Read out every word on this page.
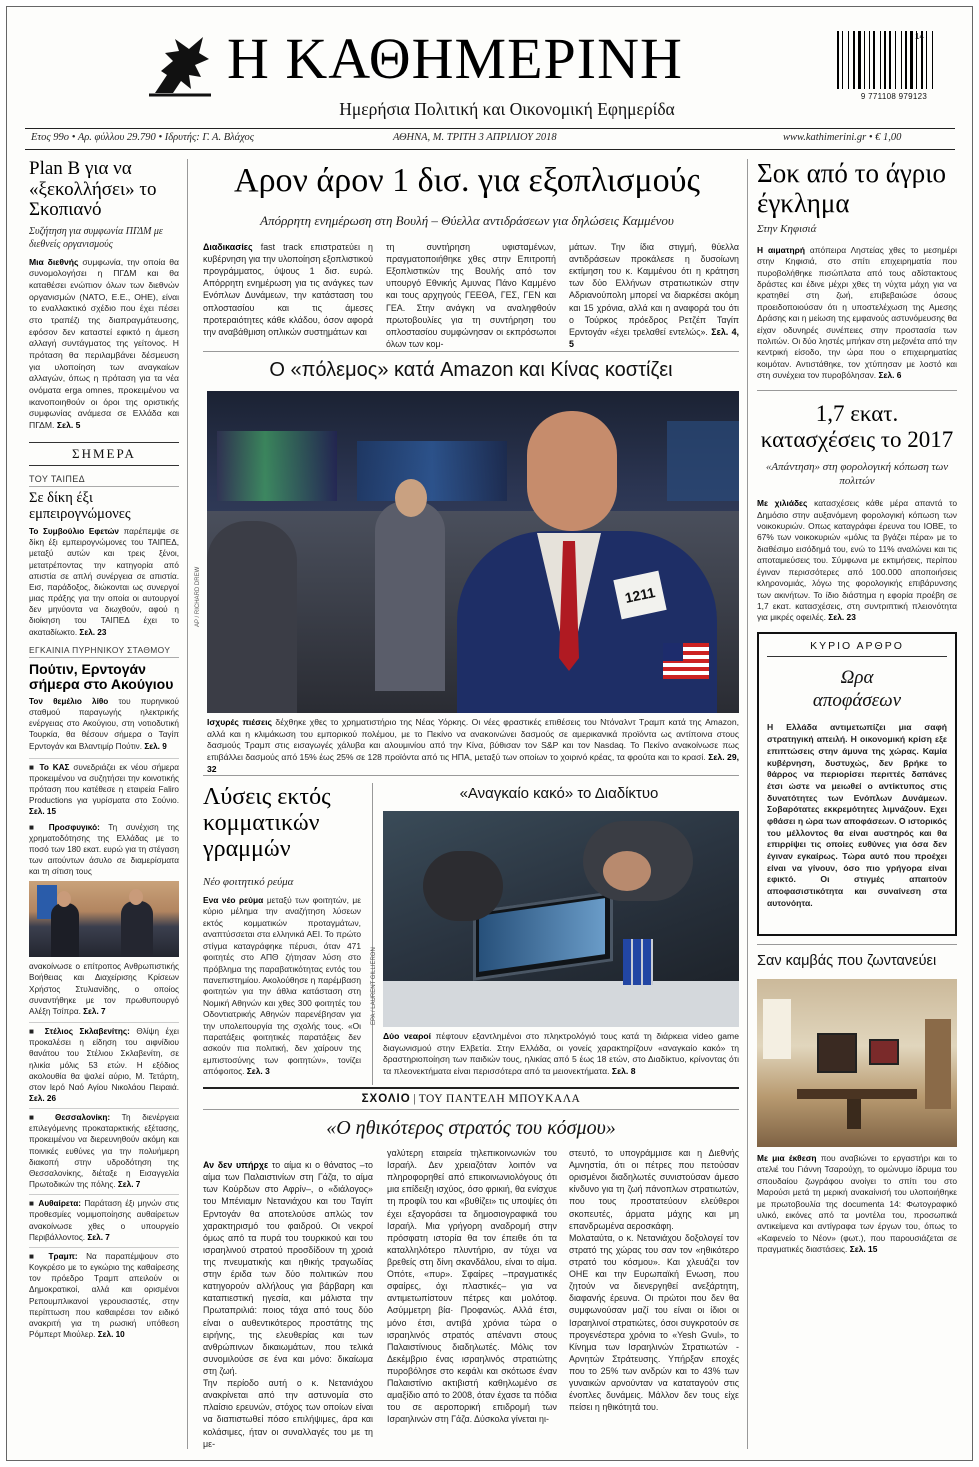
Η ΚΑΘΗΜΕΡΙΝΗ
Ημερήσια Πολιτική και Οικονομική Εφημερίδα
9 771108 979123
14
Ετος 99ο • Αρ. φύλλου 29.790 • Ιδρυτής: Γ. Α. Βλάχος	ΑΘΗΝΑ, Μ. ΤΡΙΤΗ 3 ΑΠΡΙΛΙΟΥ 2018	www.kathimerini.gr • € 1,00
Plan B για να «ξεκολλήσει» το Σκοπιανό
Συζήτηση για συμφωνία ΠΓΔΜ με διεθνείς οργανισμούς

Μια διεθνής συμφωνία, την οποία θα συνομολογήσει η ΠΓΔΜ και θα καταθέσει ενώπιον όλων των διεθνών οργανισμών (ΝΑΤΟ, Ε.Ε., ΟΗΕ), είναι το εναλλακτικό σχέδιο που έχει πέσει στο τραπέζι της διαπραγμάτευσης, εφόσον δεν καταστεί εφικτό η άμεση αλλαγή συντάγματος της γείτονος. Η πρόταση θα περιλαμβάνει δέσμευση για υλοποίηση των αναγκαίων αλλαγών, όπως η πρόταση για τα νέα ονόματα erga omnes, προκειμένου να ικανοποιηθούν οι όροι της οριστικής συμφωνίας ανάμεσα σε Ελλάδα και ΠΓΔΜ. Σελ. 5

ΣΗΜΕΡΑ
ΤΟΥ ΤΑΙΠΕΔ
Σε δίκη έξι εμπειρογνώμονες

Το Συμβούλιο Εφετών παρέπεμψε σε δίκη έξι εμπειρογνώμονες του ΤΑΙΠΕΔ, μεταξύ αυτών και τρεις ξένοι, μετατρέποντας την κατηγορία από απιστία σε απλή συνέργεια σε απιστία. Εισ, παράδοξος, διώκονται ως συνεργοί μιας πράξης για την οποία οι αυτουργοί δεν μηνύοντα να διωχθούν, αφού η διοίκηση του ΤΑΙΠΕΔ έχει το ακαταδίωκτο. Σελ. 23

ΕΓΚΑΙΝΙΑ ΠΥΡΗΝΙΚΟΥ ΣΤΑΘΜΟΥ
Πούτιν, Ερντογάν σήμερα στο Ακούγιου

Τον θεμέλιο λίθο του πυρηνικού σταθμού παραγωγής ηλεκτρικής ενέργειας στο Ακούγιου, στη νοτιοδυτική Τουρκία, θα θέσουν σήμερα ο Ταγίπ Ερντογάν και Βλαντιμίρ Πούτιν. Σελ. 9

■ Το ΚΑΣ συνεδριάζει εκ νέου σήμερα προκειμένου να συζητήσει την κοινοτικής πρόταση που κατέθεσε η εταιρεία Faliro Productions για γυρίσματα στο Σούνιο. Σελ. 15

■ Προσφυγικό: Τη συνέχιση της χρηματοδότησης της Ελλάδας με το ποσό των 180 εκατ. ευρώ για τη στέγαση των αιτούντων άσυλο σε διαμερίσματα και τη σίτιση τους

ανακοίνωσε ο επίτροπος Ανθρωπιστικής Βοήθειας και Διαχείρισης Κρίσεων Χρήστος Στυλιανίδης, ο οποίος συναντήθηκε με τον πρωθυπουργό Αλέξη Τσίπρα. Σελ. 7

■ Στέλιος Σκλαβενίτης: Θλίψη έχει προκαλέσει η είδηση του αιφνίδιου θανάτου του Στέλιου Σκλαβενίτη, σε ηλικία μόλις 53 ετών. Η εξόδιος ακολουθία θα ψαλεί αύριο, Μ. Τετάρτη, στον Ιερό Ναό Αγίου Νικολάου Πειραιά. Σελ. 26

■ Θεσσαλονίκη: Τη διενέργεια επιλεγόμενης προκαταρκτικής εξέτασης, προκειμένου να διερευνηθούν ακόμη και ποινικές ευθύνες για την πολυήμερη διακοπή στην υδροδότηση της Θεσσαλονίκης, διέταξε η Εισαγγελία Πρωτοδικών της πόλης. Σελ. 7

■ Αυθαίρετα: Παράταση έξι μηνών στις προθεσμίες νομιμοποίησης αυθαίρετων ανακοίνωσε χθες ο υπουργείο Περιβάλλοντος. Σελ. 7

■ Τραμπ: Να παραπέμψουν στο Κογκρέσο με το εγκώριο της καθαίρεσης τον πρόεδρο Τραμπ απειλούν οι Δημοκρατικοί, αλλά και ορισμένοι Ρεπουμπλικανοί γερουσιαστές, στην περίπτωση που καθαιρέσει τον ειδικό ανακριτή για τη ρωσική υπόθεση Ρόμπερτ Μιούλερ. Σελ. 10

Αρον άρον 1 δισ. για εξοπλισμούς
Απόρρητη ενημέρωση στη Βουλή – Θύελλα αντιδράσεων για δηλώσεις Καμμένου

Διαδικασίες fast track επιστρατεύει η κυβέρνηση για την υλοποίηση εξοπλιστικού προγράμματος, ύψους 1 δισ. ευρώ. Απόρρητη ενημέρωση για τις ανάγκες των Ενόπλων Δυνάμεων, την κατάσταση του οπλοστασίου και τις άμεσες προτεραιότητες κάθε κλάδου, όσον αφορά την αναβάθμιση οπλικών συστημάτων και

τη συντήρηση υφισταμένων, πραγματοποιήθηκε χθες στην Επιτροπή Εξοπλιστικών της Βουλής από τον υπουργό Εθνικής Αμυνας Πάνο Καμμένο και τους αρχηγούς ΓΕΕΘΑ, ΓΕΣ, ΓΕΝ και ΓΕΑ. Στην ανάγκη να αναληφθούν πρωτοβουλίες για τη συντήρηση του οπλοστασίου συμφώνησαν οι εκπρόσωποι όλων των κομ-

μάτων. Την ίδια στιγμή, θύελλα αντιδράσεων προκάλεσε η δυσοίωνη εκτίμηση του κ. Καμμένου ότι η κράτηση των δύο Ελλήνων στρατιωτικών στην Αδριανούπολη μπορεί να διαρκέσει ακόμη και 15 χρόνια, αλλά και η αναφορά του ότι ο Τούρκος πρόεδρος Ρετζέπ Ταγίπ Ερντογάν «έχει τρελαθεί εντελώς». Σελ. 4, 5

Ο «πόλεμος» κατά Amazon και Κίνας κοστίζει
1211
AP / RICHARD DREW

Ισχυρές πιέσεις δέχθηκε χθες το χρηματιστήριο της Νέας Υόρκης. Οι νέες φραστικές επιθέσεις του Ντόναλντ Τραμπ κατά της Amazon, αλλά και η κλιμάκωση του εμπορικού πολέμου, με το Πεκίνο να ανακοινώνει δασμούς σε αμερικανικά προϊόντα ως αντίποινα στους δασμούς Τραμπ στις εισαγωγές χάλυβα και αλουμινίου από την Κίνα, βύθισαν τον S&P και τον Nasdaq. Το Πεκίνο ανακοίνωσε πως επιβάλλει δασμούς από 15% έως 25% σε 128 προϊόντα από τις ΗΠΑ, μεταξύ των οποίων το χοιρινό κρέας, τα φρούτα και το κρασί. Σελ. 29, 32

Λύσεις εκτός κομματικών γραμμών
Νέο φοιτητικό ρεύμα

Ενα νέο ρεύμα μεταξύ των φοιτητών, με κύριο μέλημα την αναζήτηση λύσεων εκτός κομματικών προταγμάτων, αναπτύσσεται στα ελληνικά ΑΕΙ. Το πρώτο στίγμα καταγράφηκε πέρυσι, όταν 471 φοιτητές στο ΑΠΘ ζήτησαν λύση στο πρόβλημα της παραβατικότητας εντός του πανεπιστημίου. Ακολούθησε η παρέμβαση φοιτητών για την άθλια κατάσταση στη Νομική Αθηνών και χθες 300 φοιτητές του Οδοντιατρικής Αθηνών παρενέβησαν για την υπολειτουργία της σχολής τους. «Οι παρατάξεις φοιτητικές παρατάξεις δεν ασκούν πια πολιτική, δεν χαίρουν της εμπιστοσύνης των φοιτητών», τονίζει απόφοιτος. Σελ. 3

«Αναγκαίο κακό» το Διαδίκτυο
EPA / LAURENT GILLIERON

Δύο νεαροί πέφτουν εξαντλημένοι στο πληκτρολόγιό τους κατά τη διάρκεια video game διαγωνισμού στην Ελβετία. Στην Ελλάδα, οι γονείς χαρακτηρίζουν «αναγκαίο κακό» τη δραστηριοποίηση των παιδιών τους, ηλικίας από 5 έως 18 ετών, στο Διαδίκτυο, κρίνοντας ότι τα πλεονεκτήματα είναι περισσότερα από τα μειονεκτήματα. Σελ. 8

ΣΧΟΛΙΟ | ΤΟΥ ΠΑΝΤΕΛΗ ΜΠΟΥΚΑΛΑ
«Ο ηθικότερος στρατός του κόσμου»

Αν δεν υπήρχε το αίμα κι ο θάνατος –το αίμα των Παλαιστινίων στη Γάζα, το αίμα των Κούρδων στο Αφρίν–, ο «διάλογος» του Μπένιαμιν Νετανιάχου και του Ταγίπ Ερντογάν θα αποτελούσε απλώς τον χαρακτηρισμό του φαιδρού. Οι νεκροί όμως από τα πυρά του τουρκικού και του ισραηλινού στρατού προσδίδουν τη χροιά της πνευματικής και ηθικής τραγωδίας στην έριδα των δύο πολιτικών που κατηγορούν αλλήλους για βάρβαρη και καταπιεστική ηγεσία, και μάλιστα την Πρωταπριλιά: ποιος τάχα από τους δύο είναι ο αυθεντικότερος προστάτης της ειρήνης, της ελευθερίας και των ανθρώπινων δικαιωμάτων, που τελικά συνομιλούσε σε ένα και μόνο: δικαίωμα στη ζωή.
Την περίοδο αυτή ο κ. Νετανιάχου ανακρίνεται από την αστυνομία στο πλαίσιο ερευνών, στόχος των οποίων είναι να διαπιστωθεί πόσο επιλήψιμες, άρα και κολάσιμες, ήταν οι συναλλαγές του με τη με-

γαλύτερη εταιρεία τηλεπικοινωνιών του Ισραήλ. Δεν χρειαζόταν λοιπόν να πληροφορηθεί από επικοινωνιολόγους ότι μια επίδειξη ισχύος, όσο φρικιή, θα ενίσχυε τη προφίλ του και «βυθίζει» τις υποψίες ότι έχει εξαγοράσει τα δημοσιογραφικά του Ισραήλ. Μια γρήγορη αναδρομή στην πρόσφατη ιστορία θα τον έπειθε ότι τα καταλληλότερο πλυντήριο, αν τύχει να βρεθείς στη δίνη σκανδάλου, είναι το αίμα. Οπότε, «πυρ». Σφαίρες –πραγματικές σφαίρες, όχι πλαστικές– για να αντιμετωπίστουν πέτρες και μολότοφ. Ασύμμετρη βία· Προφανώς. Αλλά έτσι, μόνο έτσι, αντιβά χρόνια τώρα ο ισραηλινός στρατός απέναντι στους Παλαιστίνιους διαδηλωτές. Μόλις τον Δεκέμβριο ένας ισραηλινός στρατιώτης πυροβόλησε στο κεφάλι και σκότωσε έναν Παλαιστίνιο ακτιβιστή καθηλωμένο σε αμαξίδιο από το 2008, όταν έχασε τα πόδια του σε αεροπορική επιδρομή των Ισραηλινών στη Γάζα. Δύσκολα γίνεται ηι-
στευτό, το υπογράμμισε και η Διεθνής Αμνηστία, ότι οι πέτρες που πετούσαν ορισμένοι διαδηλωτές συνιστούσαν άμεσο κίνδυνο για τη ζωή πάνοπλων στρατιωτών, που τους προστατεύουν ελεύθεροι σκοπευτές, άρματα μάχης και μη επανδρωμένα αεροσκάφη.
Μολαταύτα, ο κ. Νετανιάχου δοξολογεί τον στρατό της χώρας του σαν τον «ηθικότερο στρατό του κόσμου». Και χλευάζει τον ΟΗΕ και την Ευρωπαϊκή Ενωση, που ζητούν να διενεργηθεί ανεξάρτητη, διαφανής έρευνα. Οι πρώτοι που δεν θα συμφωνούσαν μαζί του είναι οι ίδιοι οι Ισραηλινοί στρατιώτες, όσοι συγκροτούν σε προγενέστερα χρόνια το «Yesh Gvul», το Κίνημα των Ισραηλινών Στρατιωτών - Αρνητών Στράτευσης. Υπήρξαν εποχές που το 25% των ανδρών και το 43% των γυναικών αρνούνταν να καταταγούν στις ένοπλες δυνάμεις. Μάλλον δεν τους είχε πείσει η ηθικότητά του.
Σοκ από το άγριο έγκλημα
Στην Κηφισιά

Η αιματηρή απόπειρα Ληστείας χθες το μεσημέρι στην Κηφισιά, στο σπίτι επιχειρηματία που πυροβολήθηκε πισώπλατα από τους αδίστακτους δράστες και έδινε μέχρι χθες τη νύχτα μάχη για να κρατηθεί στη ζωή, επιβεβαιώσε όσους προειδοποιούσαν ότι η υποστελέχωση της Αμεσης Δράσης και η μείωση της εμφανούς αστυνόμευσης θα είχαν οδυνηρές συνέπειες στην προστασία των πολιτών. Οι δύο ληστές μπήκαν στη μεζονέτα από την κεντρική είσοδο, την ώρα που ο επιχειρηματίας κοιμόταν. Αντιστάθηκε, τον χτύπησαν με λοστό και στη συνέχεια τον πυροβόλησαν. Σελ. 6

1,7 εκατ. κατασχέσεις το 2017
«Απάντηση» στη φορολογική κόπωση των πολιτών

Με χιλιάδες κατασχέσεις κάθε μέρα απαντά το Δημόσιο στην αυξανόμενη φορολογική κόπωση των νοικοκυριών. Οπως καταγράφει έρευνα του ΙΟΒΕ, το 67% των νοικοκυριών «μόλις τα βγάζει πέρα» με το διαθέσιμο εισόδημά του, ενώ το 11% αναλώνει και τις αποταμιεύσεις του. Σύμφωνα με εκτιμήσεις, περίπου έγιναν περισσότερες από 100.000 αποποιήσεις κληρονομιάς, λόγω της φορολογικής επιβάρυνσης των ακινήτων. Το ίδιο διάστημα η εφορία προέβη σε 1,7 εκατ. κατασχέσεις, στη συντριπτική πλειονότητα για μικρές οφειλές. Σελ. 23

ΚΥΡΙΟ ΑΡΘΡΟ
Ωρα αποφάσεων

Η Ελλάδα αντιμετωπίζει μια σαφή στρατηγική απειλή. Η οικονομική κρίση εξε επιπτώσεις στην άμυνα της χώρας. Καμία κυβέρνηση, δυστυχώς, δεν βρήκε το θάρρος να περιορίσει περιττές δαπάνες έτσι ώστε να μειωθεί ο αντίκτυπος στις δυνατότητες των Ενόπλων Δυνάμεων. Σοβαρότατες εκκρεμότητες λιμνάζουν. Εχει φθάσει η ώρα των αποφάσεων. Ο ιστορικός του μέλλοντος θα είναι αυστηρός και θα επιρρίψει τις οποίες ευθύνες για όσα δεν έγιναν εγκαίρως. Τώρα αυτό που προέχει είναι να γίνουν, όσο πιο γρήγορα είναι εφικτό. Οι στιγμές απαιτούν αποφασιστικότητα και συναίνεση στα αυτονόητα.

Σαν καμβάς που ζωντανεύει

Με μια έκθεση που αναβιώνει το εργαστήρι και το ατελιέ του Γιάννη Τσαρούχη, το ομώνυμο ίδρυμα του σπουδαίου ζωγράφου ανοίγει το σπίτι του στο Μαρούσι μετά τη μερική ανακαίνισή του υλοποιήθηκε με πρωτοβουλία της documenta 14: Φωτογραφικό υλικό, εικόνες από τα μοντέλα του, προσωπικά αντικείμενα και αντίγραφα των έργων του, όπως το «Καφενείο το Νέον» (φωτ.), που παρουσιάζεται σε πραγματικές διαστάσεις. Σελ. 15
